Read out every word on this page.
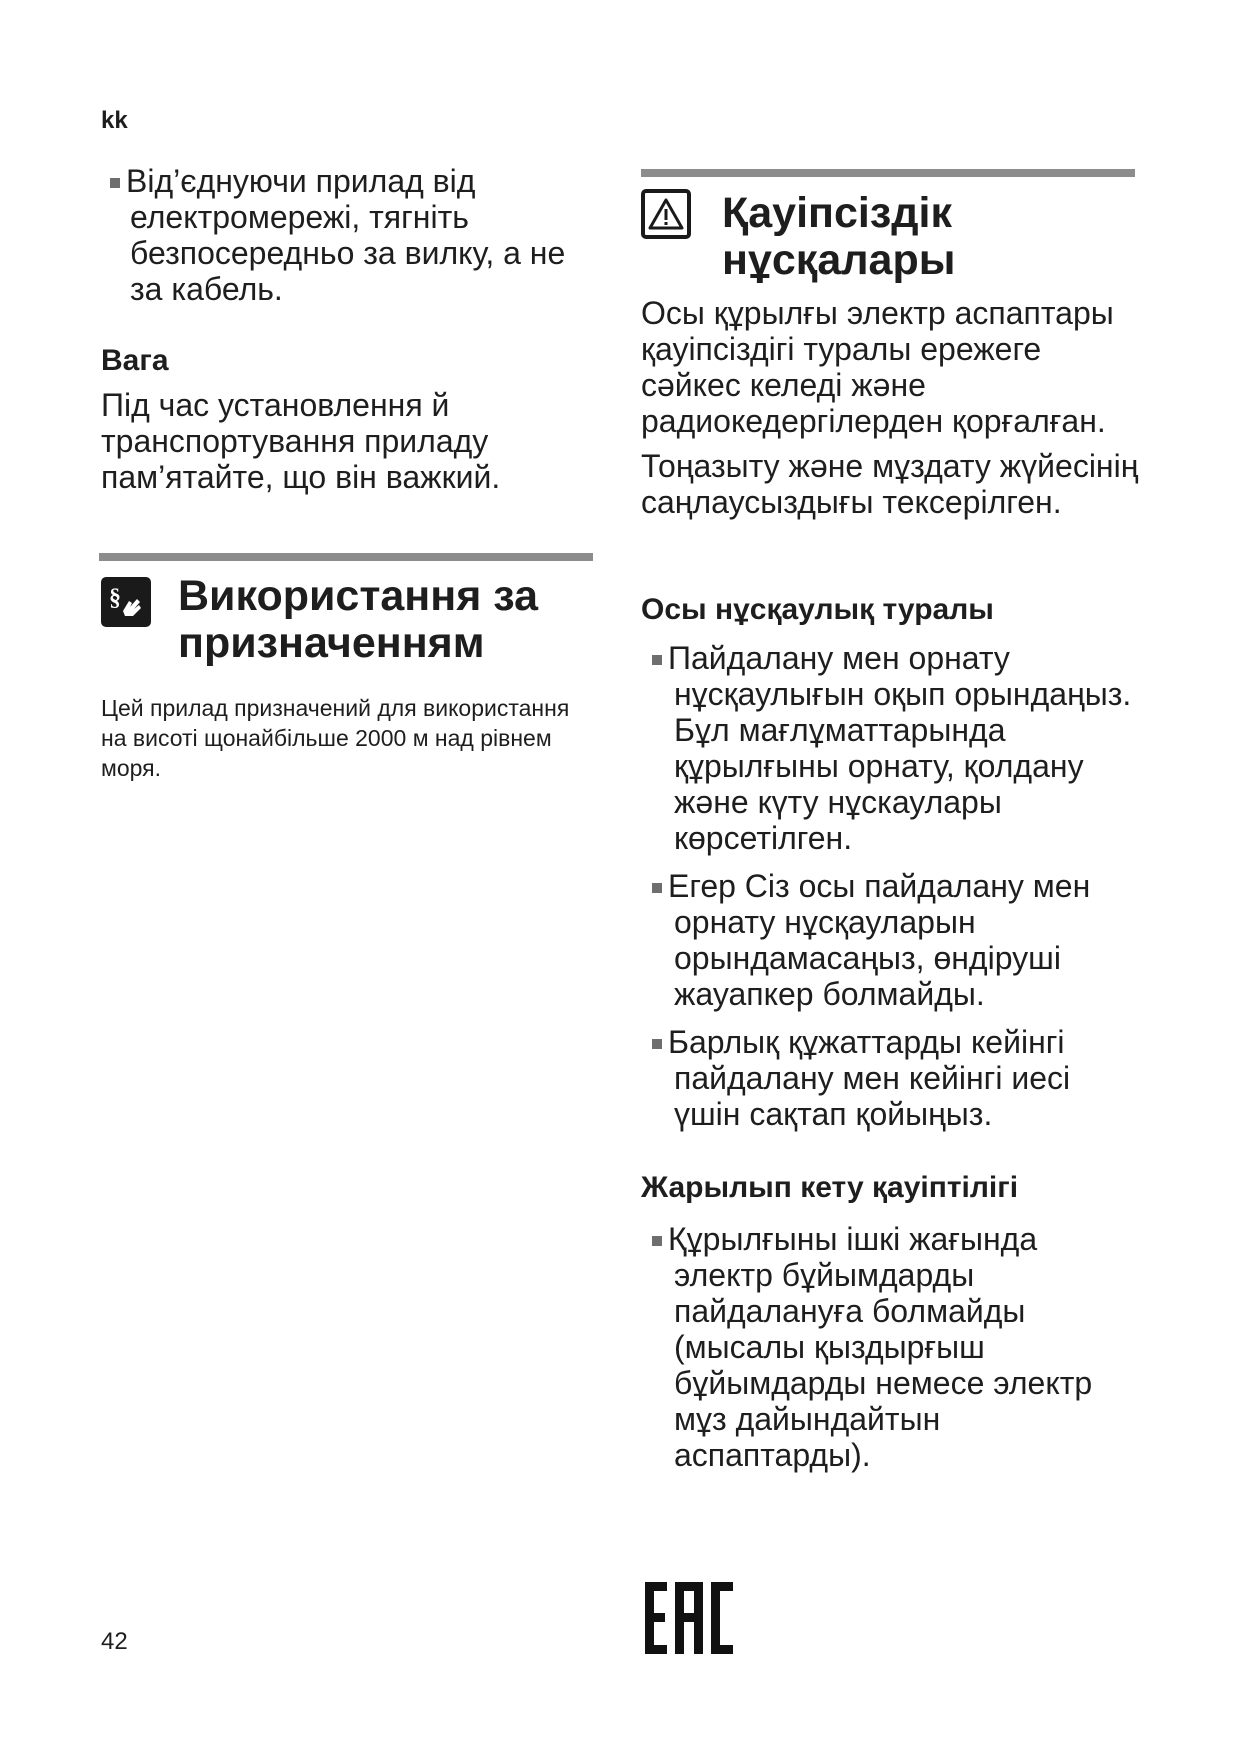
kk
Від’єднуючи прилад від електромережі, тягніть безпосередньо за вилку, а не за кабель.
Вага
Під час установлення й транспортування приладу пам’ятайте, що він важкий.
§ Використання за
призначенням
Цей прилад призначений для використання на висоті щонайбільше 2000 м над рівнем моря.
Қауіпсіздік
нұсқалары
Осы құрылғы электр аспаптары қауіпсіздігі туралы ережеге сәйкес келеді және радиокедергілерден қорғалған.
Тоңазыту және мұздату жүйесінің саңлаусыздығы тексерілген.
Осы нұсқаулық туралы
Пайдалану мен орнату нұсқаулығын оқып орындаңыз. Бұл мағлұматтарында құрылғыны орнату, қолдану және күту нұскаулары көрсетілген.
Егер Сіз осы пайдалану мен орнату нұсқауларын орындамасаңыз, өндіруші жауапкер болмайды.
Барлық құжаттарды кейінгі пайдалану мен кейінгі иесі үшін сақтап қойыңыз.
Жарылып кету қауіптілігі
Құрылғыны ішкі жағында электр бұйымдарды пайдалануға болмайды (мысалы қыздырғыш бұйымдарды немесе электр мұз дайындайтын аспаптарды).
42
